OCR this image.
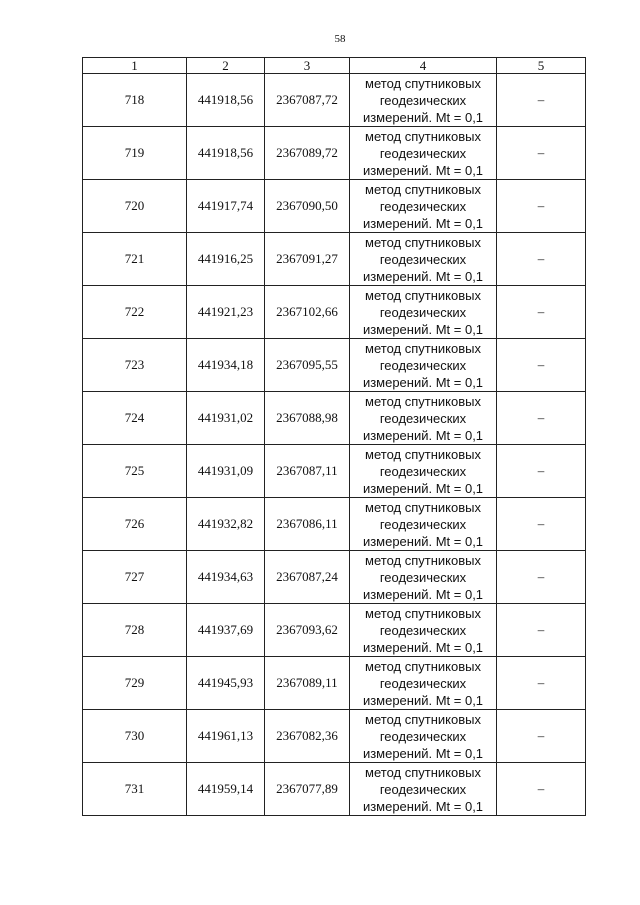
58
1	2	3	4	5
718	441918,56	2367087,72	метод спутниковых
геодезических
измерений. Mt = 0,1	–
719	441918,56	2367089,72	метод спутниковых
геодезических
измерений. Mt = 0,1	–
720	441917,74	2367090,50	метод спутниковых
геодезических
измерений. Mt = 0,1	–
721	441916,25	2367091,27	метод спутниковых
геодезических
измерений. Mt = 0,1	–
722	441921,23	2367102,66	метод спутниковых
геодезических
измерений. Mt = 0,1	–
723	441934,18	2367095,55	метод спутниковых
геодезических
измерений. Mt = 0,1	–
724	441931,02	2367088,98	метод спутниковых
геодезических
измерений. Mt = 0,1	–
725	441931,09	2367087,11	метод спутниковых
геодезических
измерений. Mt = 0,1	–
726	441932,82	2367086,11	метод спутниковых
геодезических
измерений. Mt = 0,1	–
727	441934,63	2367087,24	метод спутниковых
геодезических
измерений. Mt = 0,1	–
728	441937,69	2367093,62	метод спутниковых
геодезических
измерений. Mt = 0,1	–
729	441945,93	2367089,11	метод спутниковых
геодезических
измерений. Mt = 0,1	–
730	441961,13	2367082,36	метод спутниковых
геодезических
измерений. Mt = 0,1	–
731	441959,14	2367077,89	метод спутниковых
геодезических
измерений. Mt = 0,1	–
